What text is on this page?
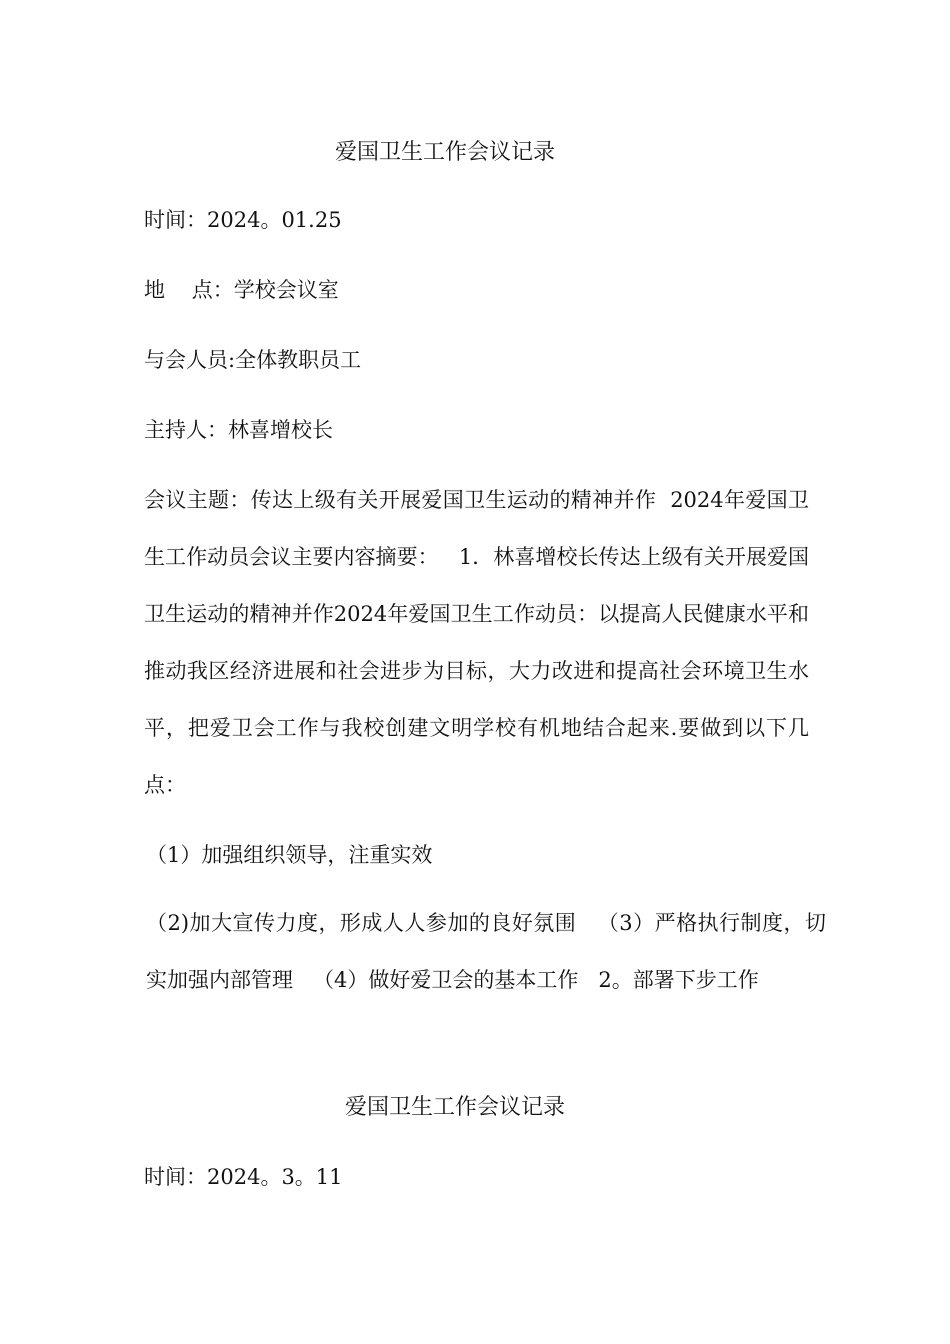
爱国卫生工作会议记录
时间：2024。01.25
地    点：学校会议室
与会人员:全体教职员工
主持人：林喜增校长
会议主题：传达上级有关开展爱国卫生运动的精神并作  2024年爱国卫生工作动员会议主要内容摘要：   1．林喜增校长传达上级有关开展爱国卫生运动的精神并作2024年爱国卫生工作动员：以提高人民健康水平和推动我区经济进展和社会进步为目标，大力改进和提高社会环境卫生水平，把爱卫会工作与我校创建文明学校有机地结合起来.要做到以下几点：
（1）加强组织领导，注重实效
（2)加大宣传力度，形成人人参加的良好氛围   （3）严格执行制度，切实加强内部管理   （4）做好爱卫会的基本工作   2。部署下步工作
爱国卫生工作会议记录
时间：2024。3。11
